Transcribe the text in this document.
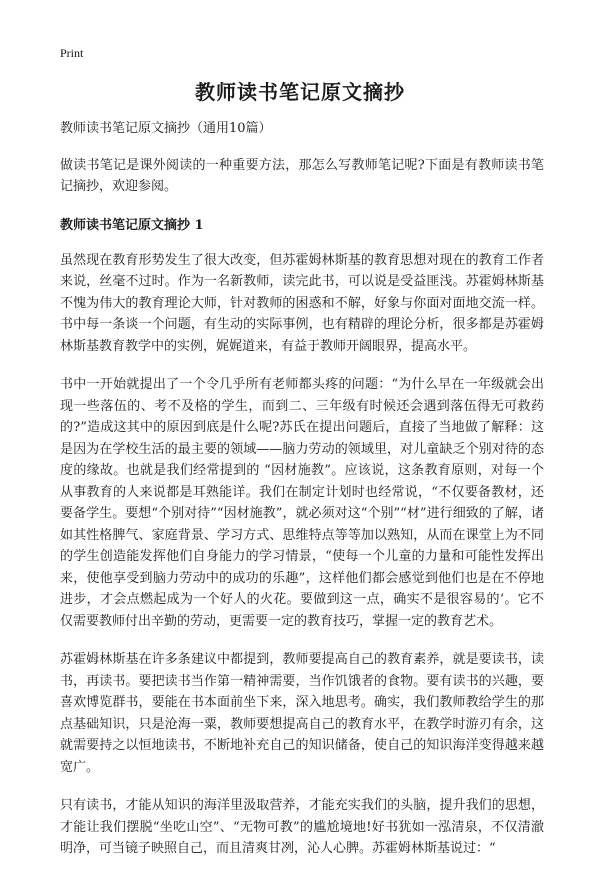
Print
教师读书笔记原文摘抄

教师读书笔记原文摘抄（通用10篇）

做读书笔记是课外阅读的一种重要方法，那怎么写教师笔记呢?下面是有教师读书笔记摘抄，欢迎参阅。

教师读书笔记原文摘抄 1

虽然现在教育形势发生了很大改变，但苏霍姆林斯基的教育思想对现在的教育工作者来说，丝毫不过时。作为一名新教师，读完此书，可以说是受益匪浅。苏霍姆林斯基不愧为伟大的教育理论大师，针对教师的困惑和不解，好象与你面对面地交流一样。书中每一条谈一个问题，有生动的实际事例，也有精辟的理论分析，很多都是苏霍姆林斯基教育教学中的实例，娓娓道来，有益于教师开阔眼界，提高水平。

书中一开始就提出了一个令几乎所有老师都头疼的问题：“为什么早在一年级就会出现一些落伍的、考不及格的学生，而到二、三年级有时候还会遇到落伍得无可救药的?”造成这其中的原因到底是什么呢?苏氏在提出问题后，直接了当地做了解释：这是因为在学校生活的最主要的领域——脑力劳动的领域里，对儿童缺乏个别对待的态度的缘故。也就是我们经常提到的 “因材施教”。应该说，这条教育原则，对每一个从事教育的人来说都是耳熟能详。我们在制定计划时也经常说，“不仅要备教材，还要备学生。要想“个别对待”“因材施教”，就必须对这“个别”“材”进行细致的了解，诸如其性格脾气、家庭背景、学习方式、思维特点等等加以熟知，从而在课堂上为不同的学生创造能发挥他们自身能力的学习情景，“使每一个儿童的力量和可能性发挥出来，使他享受到脑力劳动中的成功的乐趣”，这样他们都会感觉到他们也是在不停地进步，才会点燃起成为一个好人的火花。要做到这一点，确实不是很容易的‘。它不仅需要教师付出辛勤的劳动，更需要一定的教育技巧，掌握一定的教育艺术。

苏霍姆林斯基在许多条建议中都提到，教师要提高自己的教育素养，就是要读书，读书，再读书。要把读书当作第一精神需要，当作饥饿者的食物。要有读书的兴趣，要喜欢博览群书，要能在书本面前坐下来，深入地思考。确实，我们教师教给学生的那点基础知识，只是沧海一粟，教师要想提高自己的教育水平，在教学时游刃有余，这就需要持之以恒地读书，不断地补充自己的知识储备，使自己的知识海洋变得越来越宽广。

只有读书，才能从知识的海洋里汲取营养，才能充实我们的头脑，提升我们的思想，才能让我们摆脱“坐吃山空”、“无物可教”的尴尬境地!好书犹如一泓清泉，不仅清澈明净，可当镜子映照自己，而且清爽甘冽，沁人心脾。苏霍姆林斯基说过：“
